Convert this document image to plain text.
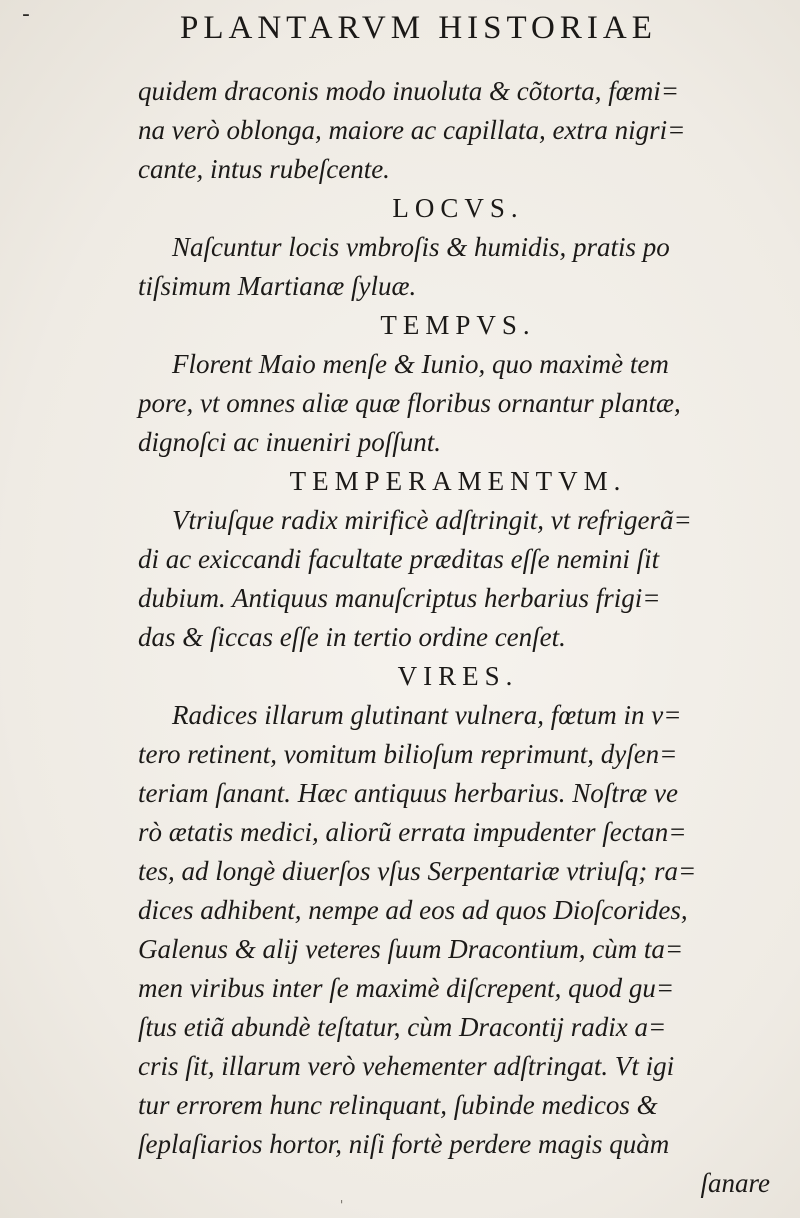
-	PLANTARVM HISTORIAE
quidem draconis modo inuoluta & cõtorta, fœmi=
na verò oblonga, maiore ac capillata, extra nigri=
cante, intus rubeſcente.
LOCVS.
Naſcuntur locis vmbroſis & humidis, pratis po
tiſsimum Martianæ ſyluæ.
TEMPVS.
Florent Maio menſe & Iunio, quo maximè tem
pore, vt omnes aliæ quæ floribus ornantur plantæ,
dignoſci ac inueniri poſſunt.
TEMPERAMENTVM.
Vtriuſque radix mirificè adſtringit, vt refrigerã=
di ac exiccandi facultate præditas eſſe nemini ſit
dubium. Antiquus manuſcriptus herbarius frigi=
das & ſiccas eſſe in tertio ordine cenſet.
VIRES.
Radices illarum glutinant vulnera, fœtum in v=
tero retinent, vomitum bilioſum reprimunt, dyſen=
teriam ſanant. Hæc antiquus herbarius. Noſtræ ve
rò ætatis medici, aliorũ errata impudenter ſectan=
tes, ad longè diuerſos vſus Serpentariæ vtriuſq; ra=
dices adhibent, nempe ad eos ad quos Dioſcorides,
Galenus & alij veteres ſuum Dracontium, cùm ta=
men viribus inter ſe maximè diſcrepent, quod gu=
ſtus etiã abundè teſtatur, cùm Dracontij radix a=
cris ſit, illarum verò vehementer adſtringat. Vt igi
tur errorem hunc relinquant, ſubinde medicos &
ſeplaſiarios hortor, niſi fortè perdere magis quàm
ſanare
'
